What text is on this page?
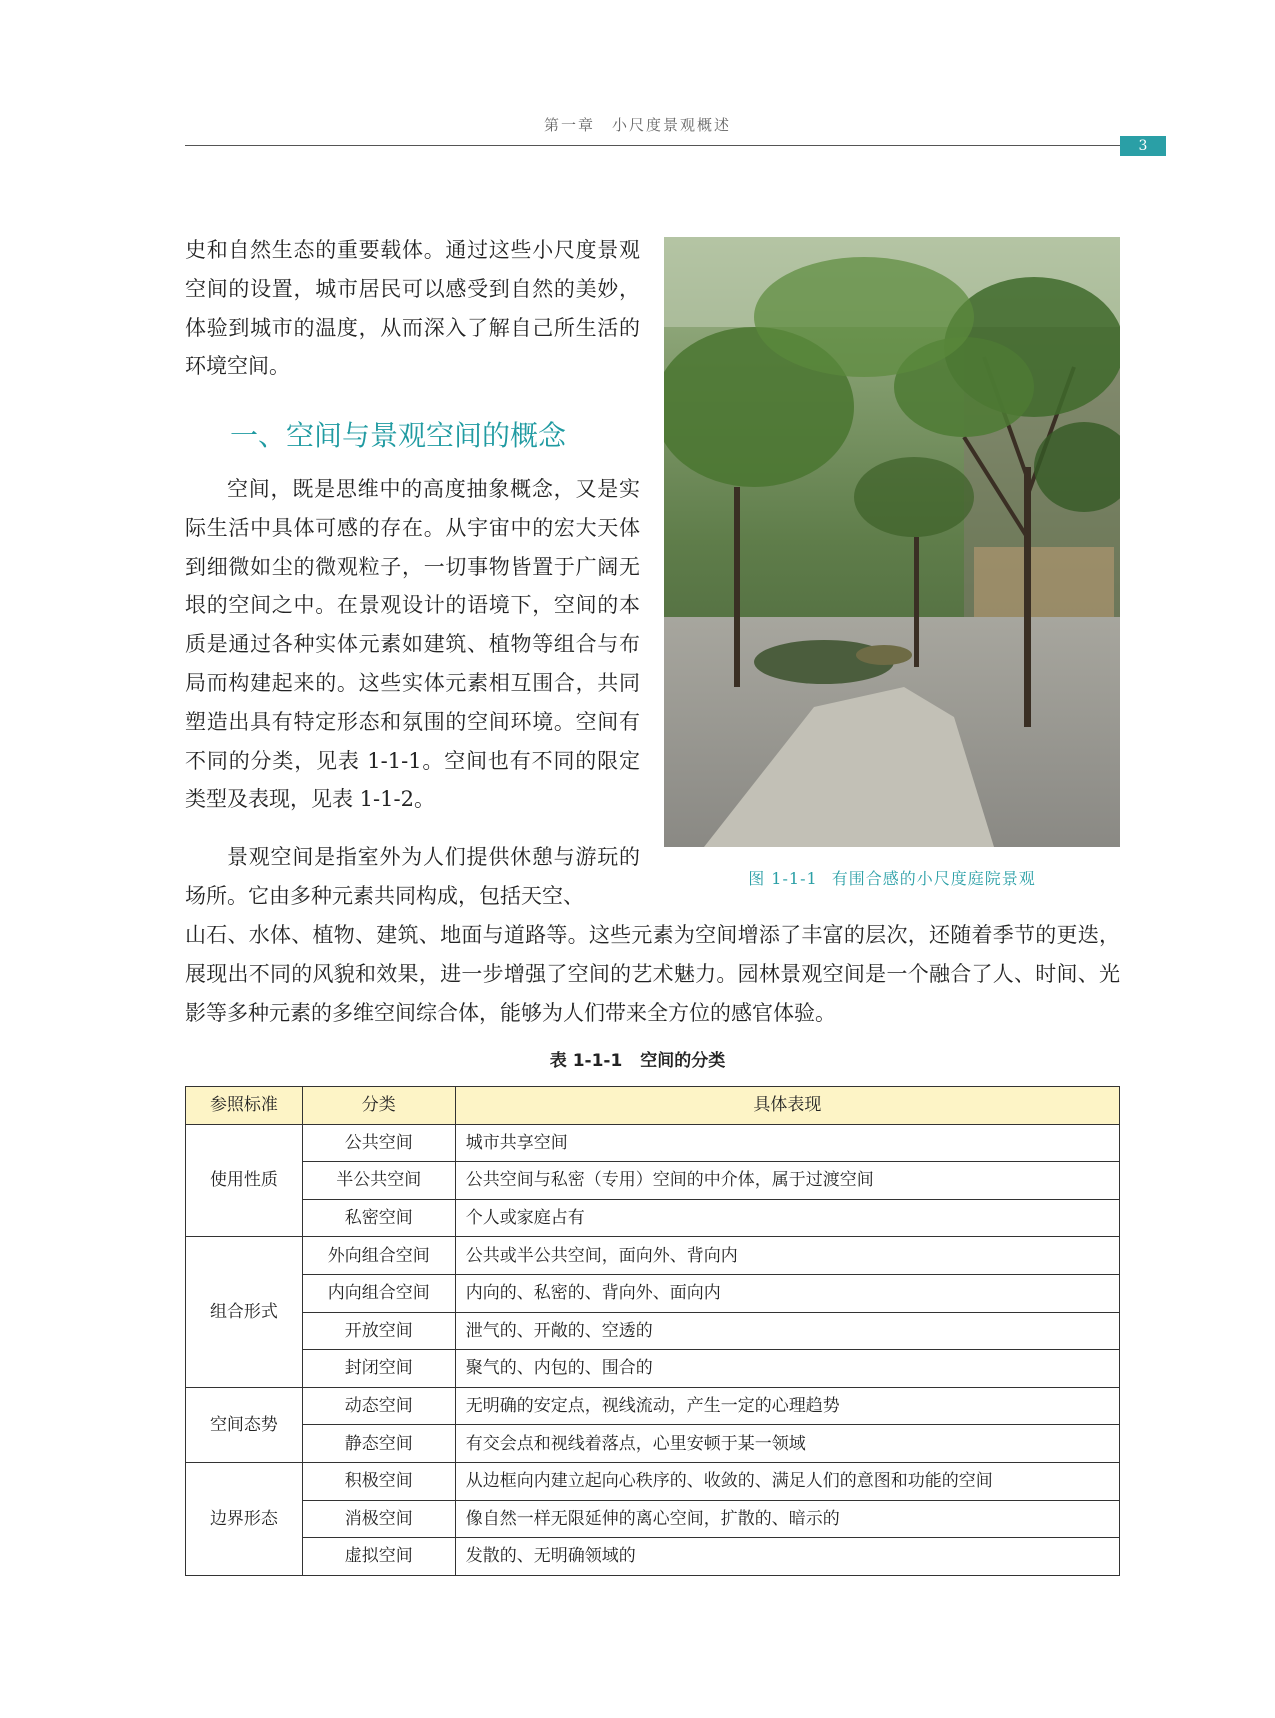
第一章　小尺度景观概述
3

史和自然生态的重要载体。通过这些小尺度景观空间的设置，城市居民可以感受到自然的美妙，体验到城市的温度，从而深入了解自己所生活的环境空间。

一、空间与景观空间的概念

空间，既是思维中的高度抽象概念，又是实际生活中具体可感的存在。从宇宙中的宏大天体到细微如尘的微观粒子，一切事物皆置于广阔无垠的空间之中。在景观设计的语境下，空间的本质是通过各种实体元素如建筑、植物等组合与布局而构建起来的。这些实体元素相互围合，共同塑造出具有特定形态和氛围的空间环境。空间有不同的分类，见表 1-1-1。空间也有不同的限定类型及表现，见表 1-1-2。

景观空间是指室外为人们提供休憩与游玩的场所。它由多种元素共同构成，包括天空、

山石、水体、植物、建筑、地面与道路等。这些元素为空间增添了丰富的层次，还随着季节的更迭，展现出不同的风貌和效果，进一步增强了空间的艺术魅力。园林景观空间是一个融合了人、时间、光影等多种元素的多维空间综合体，能够为人们带来全方位的感官体验。

图 1-1-1 有围合感的小尺度庭院景观
表 1-1-1 空间的分类
参照标准	分类	具体表现
使用性质	公共空间	城市共享空间
	半公共空间	公共空间与私密（专用）空间的中介体，属于过渡空间
	私密空间	个人或家庭占有
组合形式	外向组合空间	公共或半公共空间，面向外、背向内
	内向组合空间	内向的、私密的、背向外、面向内
	开放空间	泄气的、开敞的、空透的
	封闭空间	聚气的、内包的、围合的
空间态势	动态空间	无明确的安定点，视线流动，产生一定的心理趋势
	静态空间	有交会点和视线着落点，心里安顿于某一领域
边界形态	积极空间	从边框向内建立起向心秩序的、收敛的、满足人们的意图和功能的空间
	消极空间	像自然一样无限延伸的离心空间，扩散的、暗示的
	虚拟空间	发散的、无明确领域的
